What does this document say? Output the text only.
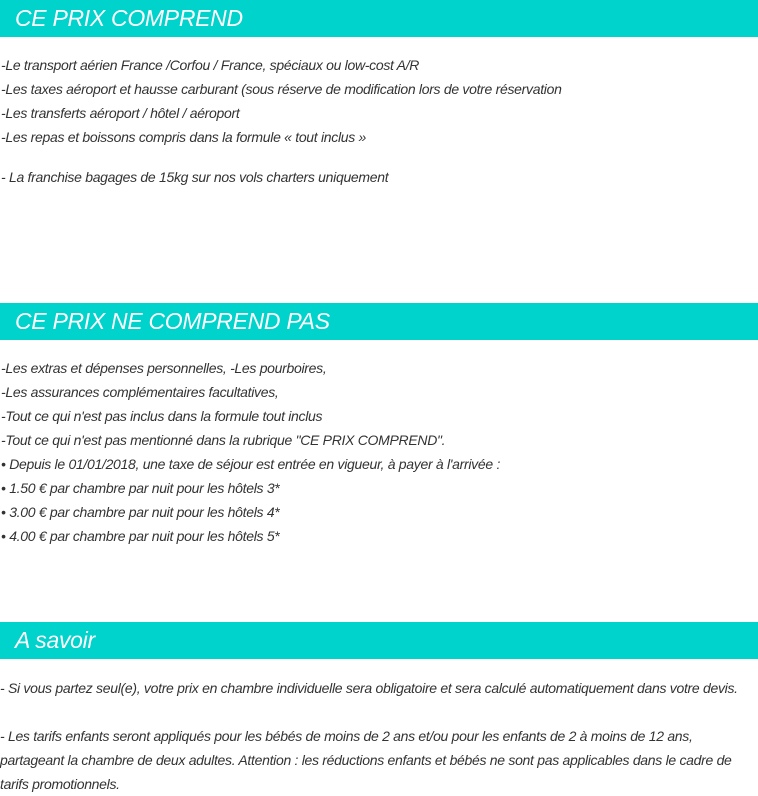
CE PRIX COMPREND
-Le transport aérien France /Corfou / France, spéciaux ou low-cost A/R
-Les taxes aéroport et hausse carburant (sous réserve de modification lors de votre réservation
-Les transferts aéroport / hôtel / aéroport
-Les repas et boissons compris dans la formule « tout inclus »
- La franchise bagages de 15kg sur nos vols charters uniquement
CE PRIX NE COMPREND PAS
-Les extras et dépenses personnelles, -Les pourboires,
-Les assurances complémentaires facultatives,
-Tout ce qui n'est pas inclus dans la formule tout inclus
-Tout ce qui n'est pas mentionné dans la rubrique "CE PRIX COMPREND".
• Depuis le 01/01/2018, une taxe de séjour est entrée en vigueur, à payer à l'arrivée :
• 1.50 € par chambre par nuit pour les hôtels 3*
• 3.00 € par chambre par nuit pour les hôtels 4*
• 4.00 € par chambre par nuit pour les hôtels 5*
A savoir
- Si vous partez seul(e), votre prix en chambre individuelle sera obligatoire et sera calculé automatiquement dans votre devis.
- Les tarifs enfants seront appliqués pour les bébés de moins de 2 ans et/ou pour les enfants de 2 à moins de 12 ans, partageant la chambre de deux adultes. Attention : les réductions enfants et bébés ne sont pas applicables dans le cadre de tarifs promotionnels.
